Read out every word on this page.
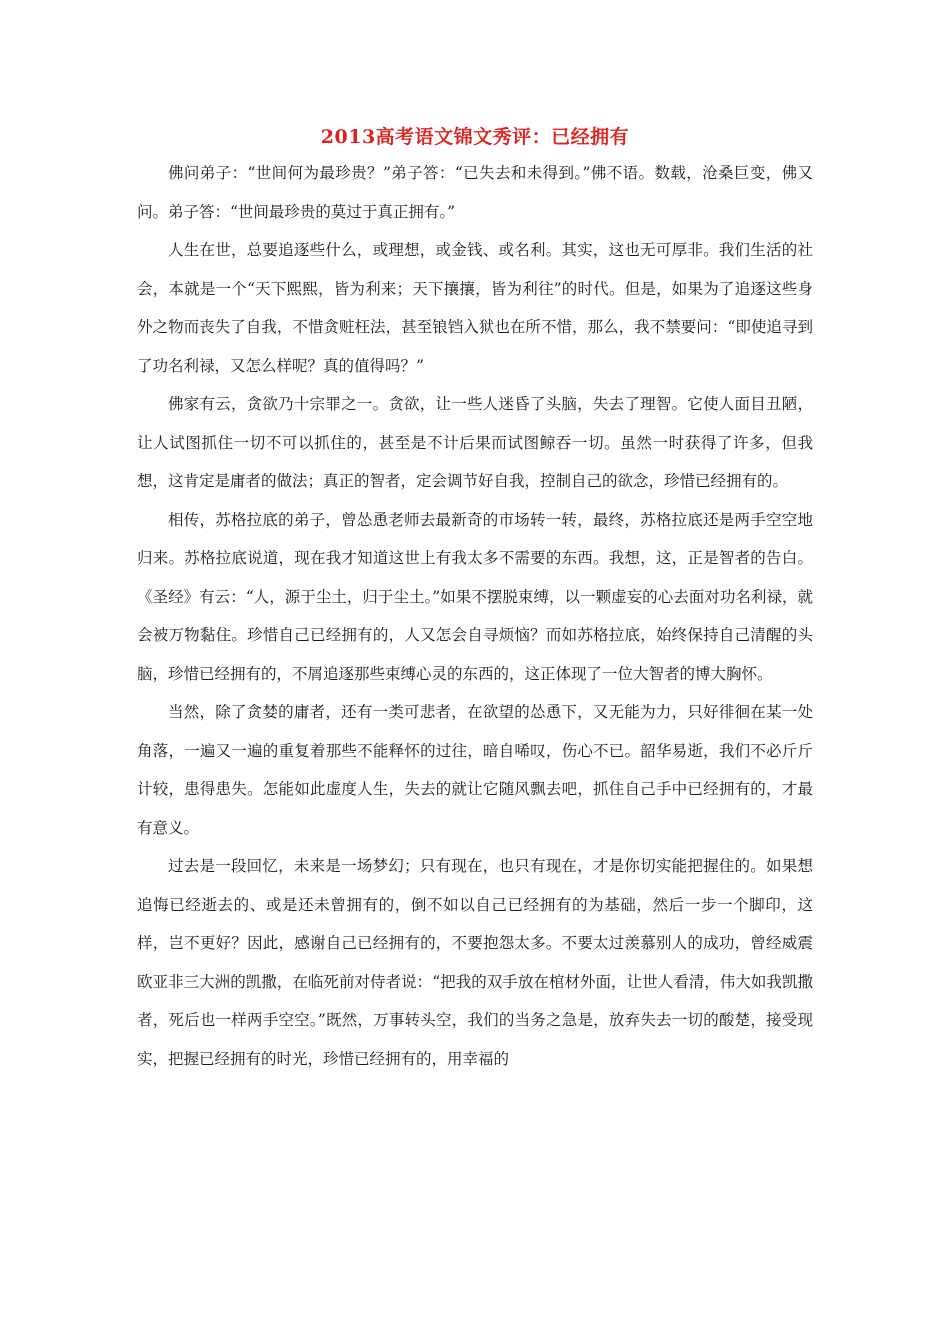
2013高考语文锦文秀评：已经拥有

佛问弟子：“世间何为最珍贵？”弟子答：“已失去和未得到。”佛不语。数载，沧桑巨变，佛又问。弟子答：“世间最珍贵的莫过于真正拥有。”

人生在世，总要追逐些什么，或理想，或金钱、或名利。其实，这也无可厚非。我们生活的社会，本就是一个“天下熙熙，皆为利来；天下攘攘，皆为利往”的时代。但是，如果为了追逐这些身外之物而丧失了自我，不惜贪赃枉法，甚至锒铛入狱也在所不惜，那么，我不禁要问：“即使追寻到了功名利禄，又怎么样呢？真的值得吗？”

佛家有云，贪欲乃十宗罪之一。贪欲，让一些人迷昏了头脑，失去了理智。它使人面目丑陋，让人试图抓住一切不可以抓住的，甚至是不计后果而试图鲸吞一切。虽然一时获得了许多，但我想，这肯定是庸者的做法；真正的智者，定会调节好自我，控制自己的欲念，珍惜已经拥有的。

相传，苏格拉底的弟子，曾怂恿老师去最新奇的市场转一转，最终，苏格拉底还是两手空空地归来。苏格拉底说道，现在我才知道这世上有我太多不需要的东西。我想，这，正是智者的告白。《圣经》有云：“人，源于尘土，归于尘土。”如果不摆脱束缚，以一颗虚妄的心去面对功名利禄，就会被万物黏住。珍惜自己已经拥有的，人又怎会自寻烦恼？而如苏格拉底，始终保持自己清醒的头脑，珍惜已经拥有的，不屑追逐那些束缚心灵的东西的，这正体现了一位大智者的博大胸怀。

当然，除了贪婪的庸者，还有一类可悲者，在欲望的怂恿下，又无能为力，只好徘徊在某一处角落，一遍又一遍的重复着那些不能释怀的过往，暗自唏叹，伤心不已。韶华易逝，我们不必斤斤计较，患得患失。怎能如此虚度人生，失去的就让它随风飘去吧，抓住自己手中已经拥有的，才最有意义。

过去是一段回忆，未来是一场梦幻；只有现在，也只有现在，才是你切实能把握住的。如果想追悔已经逝去的、或是还未曾拥有的，倒不如以自己已经拥有的为基础，然后一步一个脚印，这样，岂不更好？因此，感谢自己已经拥有的，不要抱怨太多。不要太过羡慕别人的成功，曾经威震欧亚非三大洲的凯撒，在临死前对侍者说：“把我的双手放在棺材外面，让世人看清，伟大如我凯撒者，死后也一样两手空空。”既然，万事转头空，我们的当务之急是，放弃失去一切的酸楚，接受现实，把握已经拥有的时光，珍惜已经拥有的，用幸福的
